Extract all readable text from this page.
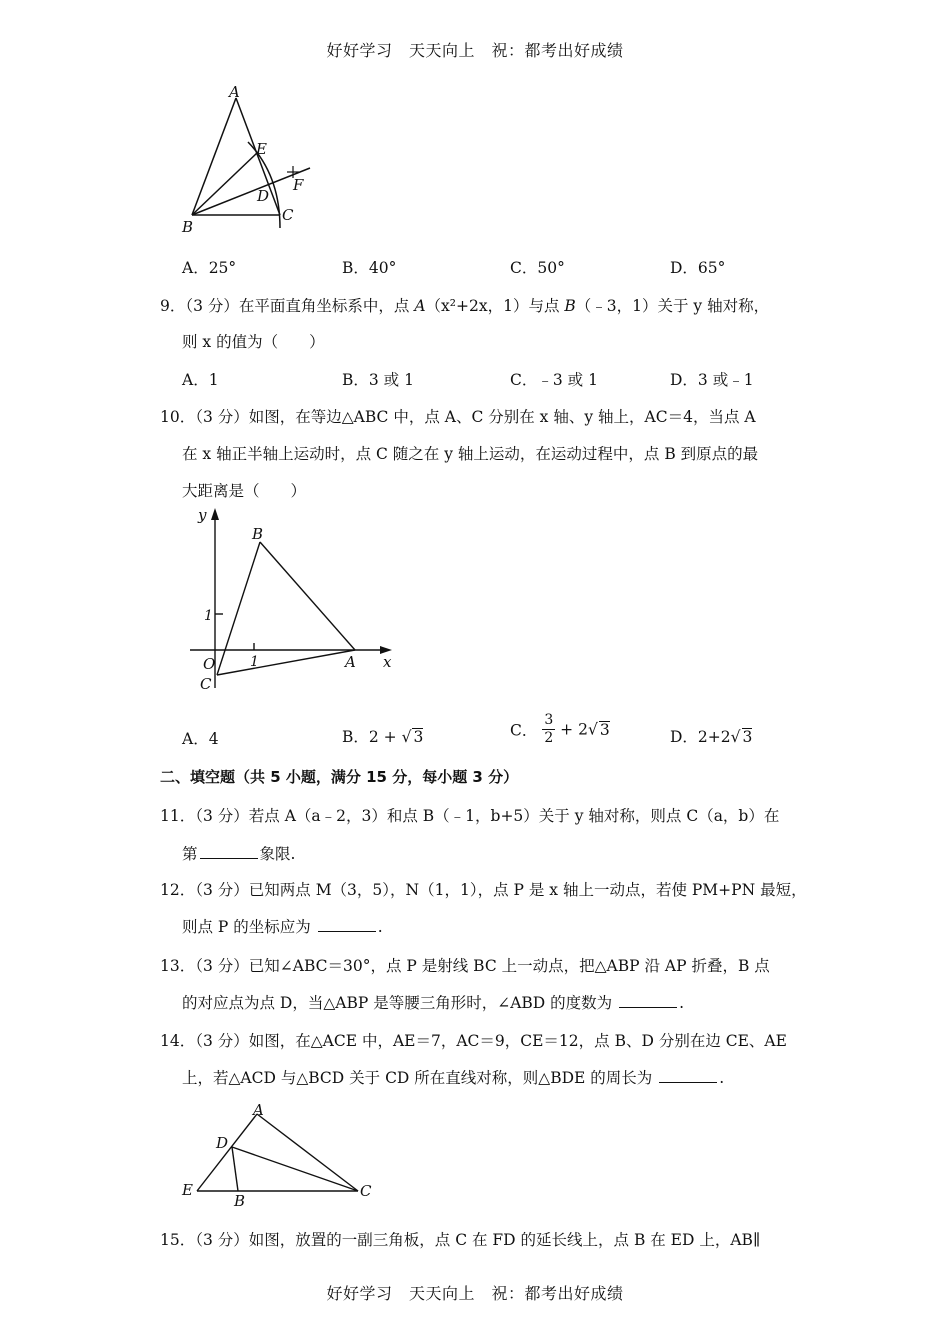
好好学习　天天向上　祝：都考出好成绩
A
E
F
D
C
B
A．25°	B．40°	C．50°	D．65°
9．（3 分）在平面直角坐标系中，点 A（x²+2x，1）与点 B（﹣3，1）关于 y 轴对称，
则 x 的值为（　　）
A．1	B．3 或 1	C．﹣3 或 1	D．3 或﹣1
10．（3 分）如图，在等边△ABC 中，点 A、C 分别在 x 轴、y 轴上，AC＝4，当点 A
在 x 轴正半轴上运动时，点 C 随之在 y 轴上运动，在运动过程中，点 B 到原点的最
大距离是（　　）
y
B
1
O 1	A x
C
A．4	B．2 + √ 3	C． $\frac{3}{2} + 2√$ 3	D．2+2√ 3
二、填空题（共 5 小题，满分 15 分，每小题 3 分）
11．（3 分）若点 A（a﹣2，3）和点 B（﹣1，b+5）关于 y 轴对称，则点 C（a，b）在
第	象限.
12．（3 分）已知两点 M（3，5），N（1，1），点 P 是 x 轴上一动点，若使 PM+PN 最短，
则点 P 的坐标应为	.
13．（3 分）已知∠ABC＝30°，点 P 是射线 BC 上一动点，把△ABP 沿 AP 折叠，B 点
的对应点为点 D，当△ABP 是等腰三角形时，∠ABD 的度数为	.
14．（3 分）如图，在△ACE 中，AE＝7，AC＝9，CE＝12，点 B、D 分别在边 CE、AE
上，若△ACD 与△BCD 关于 CD 所在直线对称，则△BDE 的周长为	.
A
D
E
B
C
15．（3 分）如图，放置的一副三角板，点 C 在 FD 的延长线上，点 B 在 ED 上，AB∥
好好学习　天天向上　祝：都考出好成绩
